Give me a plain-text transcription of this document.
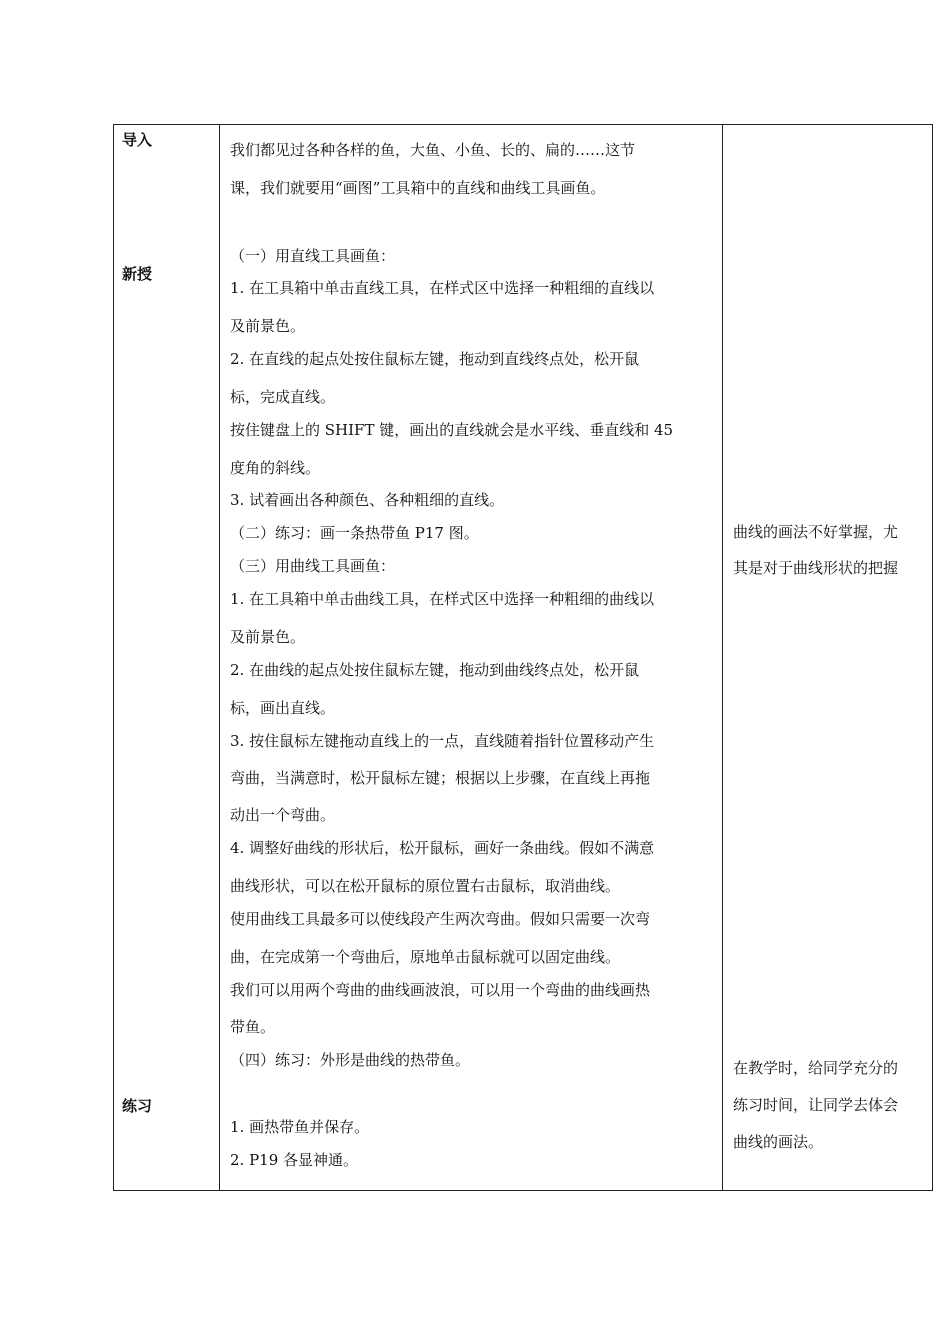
导入
新授
练习
我们都见过各种各样的鱼，大鱼、小鱼、长的、扁的……这节
课，我们就要用“画图”工具箱中的直线和曲线工具画鱼。
（一）用直线工具画鱼：
1. 在工具箱中单击直线工具，在样式区中选择一种粗细的直线以
及前景色。
2. 在直线的起点处按住鼠标左键，拖动到直线终点处，松开鼠
标，完成直线。
按住键盘上的 SHIFT 键，画出的直线就会是水平线、垂直线和 45
度角的斜线。
3. 试着画出各种颜色、各种粗细的直线。
（二）练习：画一条热带鱼 P17 图。
（三）用曲线工具画鱼：
1. 在工具箱中单击曲线工具，在样式区中选择一种粗细的曲线以
及前景色。
2. 在曲线的起点处按住鼠标左键，拖动到曲线终点处，松开鼠
标，画出直线。
3. 按住鼠标左键拖动直线上的一点，直线随着指针位置移动产生
弯曲，当满意时，松开鼠标左键；根据以上步骤，在直线上再拖
动出一个弯曲。
4. 调整好曲线的形状后，松开鼠标，画好一条曲线。假如不满意
曲线形状，可以在松开鼠标的原位置右击鼠标，取消曲线。
使用曲线工具最多可以使线段产生两次弯曲。假如只需要一次弯
曲，在完成第一个弯曲后，原地单击鼠标就可以固定曲线。
我们可以用两个弯曲的曲线画波浪，可以用一个弯曲的曲线画热
带鱼。
（四）练习：外形是曲线的热带鱼。
1. 画热带鱼并保存。
2. P19 各显神通。
曲线的画法不好掌握，尤
其是对于曲线形状的把握
在教学时，给同学充分的
练习时间，让同学去体会
曲线的画法。
